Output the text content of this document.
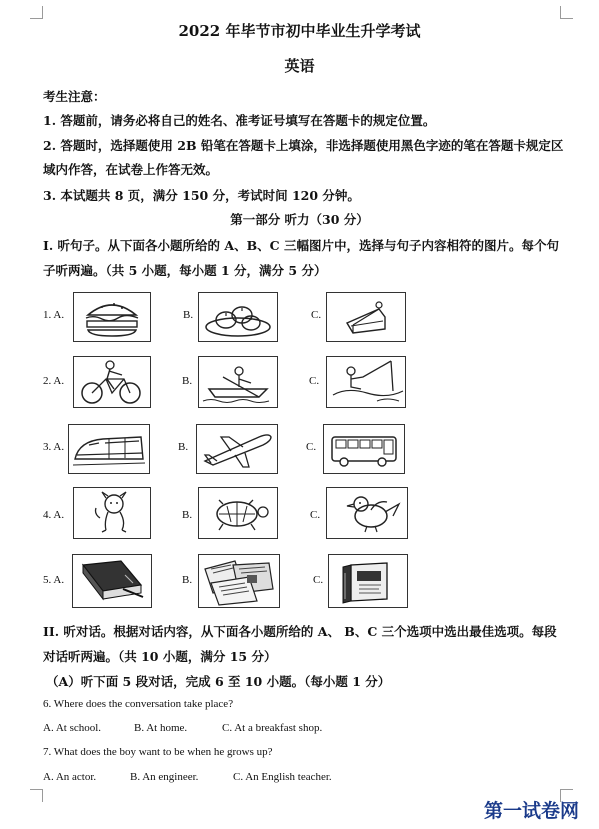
2022 年毕节市初中毕业生升学考试
英语
考生注意：
1. 答题前，请务必将自己的姓名、准考证号填写在答题卡的规定位置。
2. 答题时，选择题使用 2B 铅笔在答题卡上填涂，非选择题使用黑色字迹的笔在答题卡规定区
域内作答，在试卷上作答无效。
3. 本试题共 8 页，满分 150 分，考试时间 120 分钟。
第一部分 听力（30 分）
I. 听句子。从下面各小题所给的 A、B、C 三幅图片中，选择与句子内容相符的图片。每个句
子听两遍。（共 5 小题，每小题 1 分，满分 5 分）
1. A.	B.	C.
2. A.	B.	C.
3. A.	B.	C.
4. A.	B.	C.
5. A.	B.	C.
II. 听对话。根据对话内容，从下面各小题所给的 A、 B、C 三个选项中选出最佳选项。每段
对话听两遍。（共 10 小题，满分 15 分）
（A）听下面 5 段对话，完成 6 至 10 小题。（每小题 1 分）
6. Where does the conversation take place?
A. At school.	B. At home.	C. At a breakfast shop.
7. What does the boy want to be when he grows up?
A. An actor.	B. An engineer.	C. An English teacher.
第一试卷网
